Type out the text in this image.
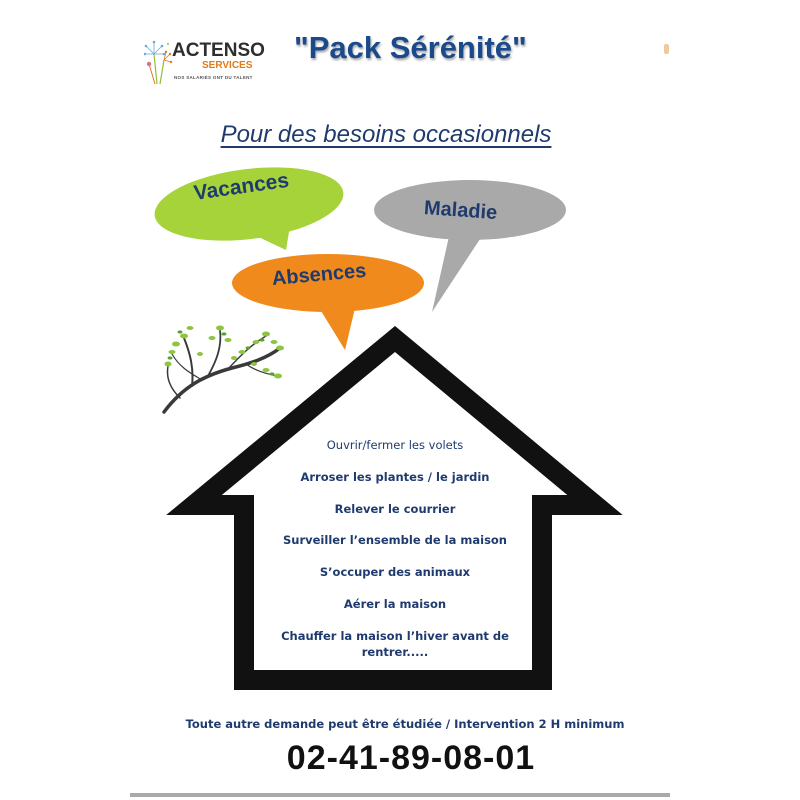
ACTENSO
SERVICES
NOS SALARIÉS ONT DU TALENT
"Pack Sérénité"
Pour des besoins occasionnels
Vacances
Maladie
Absences
Ouvrir/fermer les volets
Arroser les plantes / le jardin
Relever le courrier
Surveiller l’ensemble de la maison
S’occuper des animaux
Aérer la maison
Chauffer la maison l’hiver avant de rentrer.....
Toute autre demande peut être étudiée / Intervention 2 H minimum
02-41-89-08-01
